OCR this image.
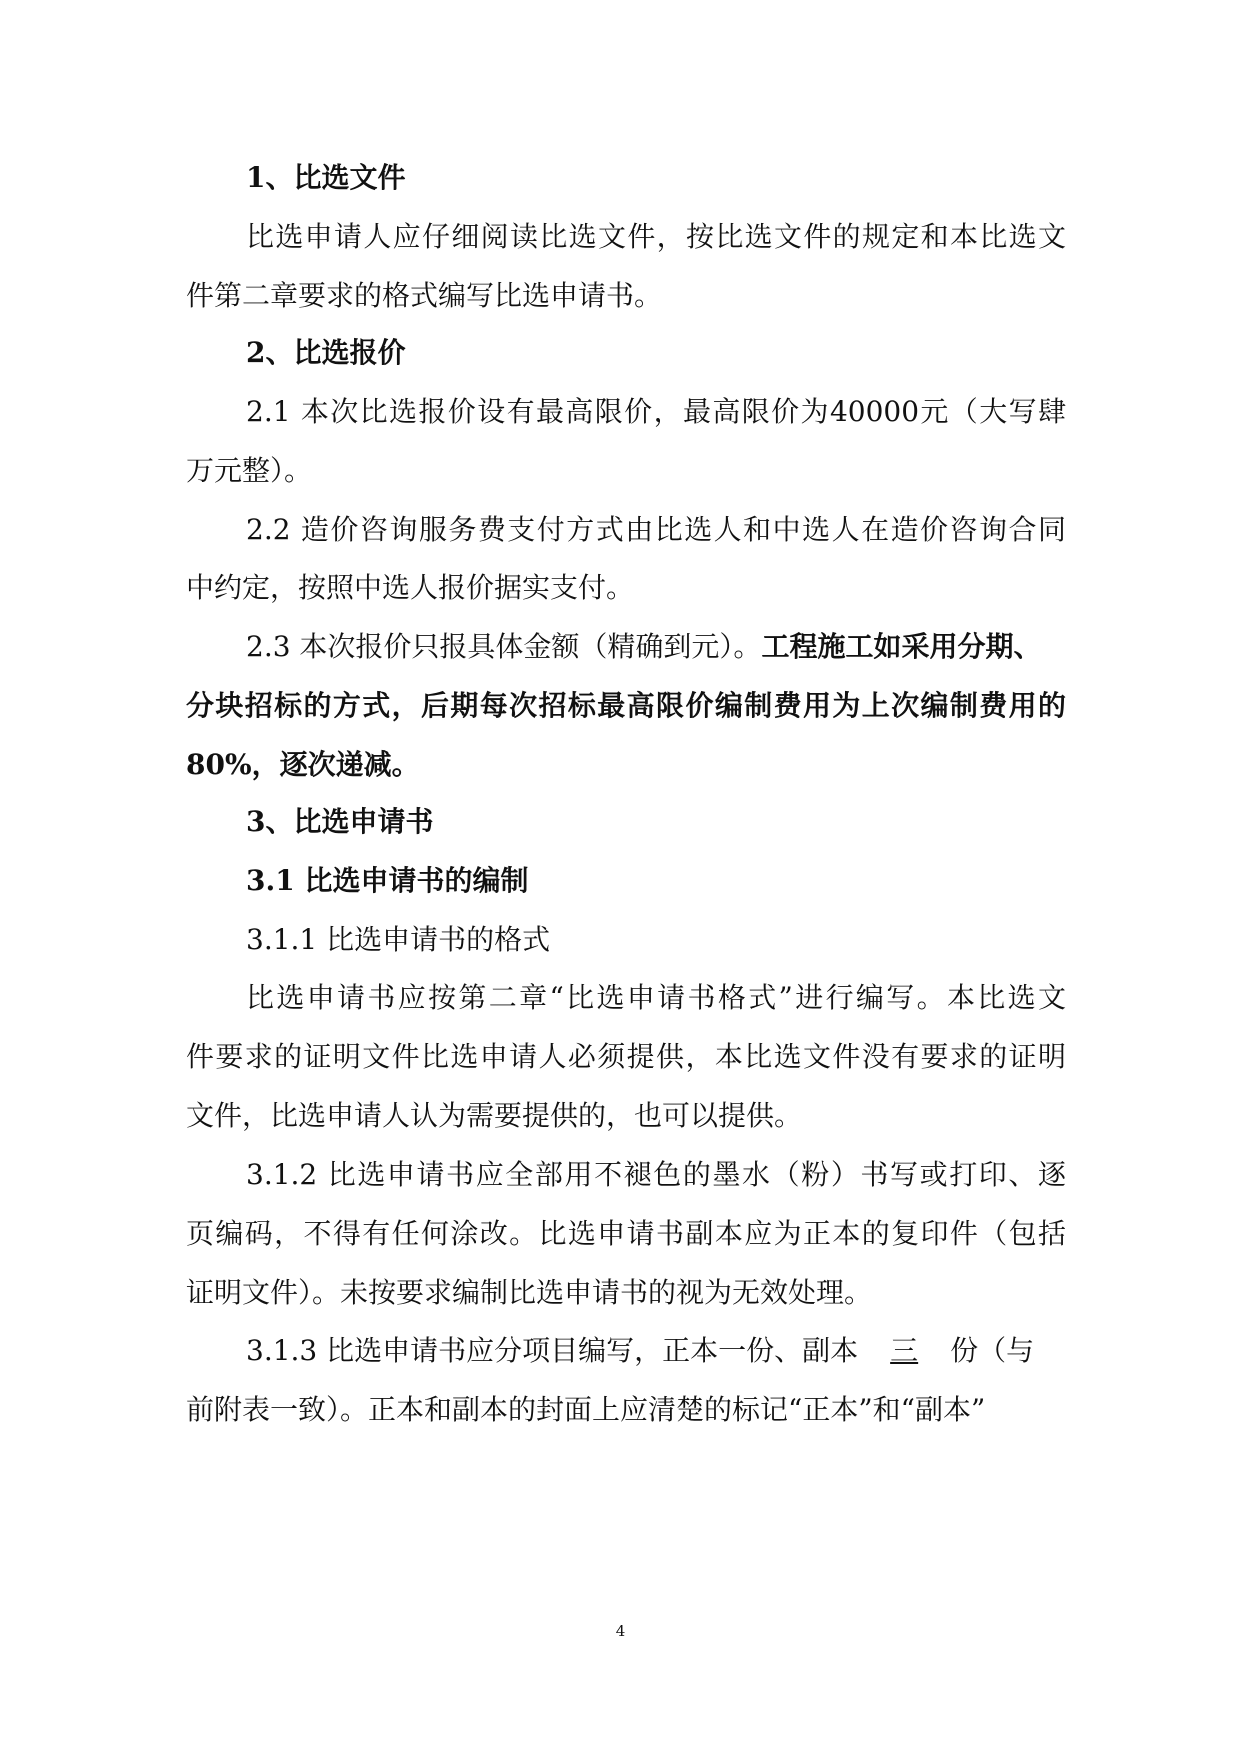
1、比选文件
比选申请人应仔细阅读比选文件，按比选文件的规定和本比选文
件第二章要求的格式编写比选申请书。
2、比选报价
2.1 本次比选报价设有最高限价，最高限价为40000元（大写肆
万元整）。
2.2 造价咨询服务费支付方式由比选人和中选人在造价咨询合同
中约定，按照中选人报价据实支付。
2.3 本次报价只报具体金额（精确到元）。工程施工如采用分期、
分块招标的方式，后期每次招标最高限价编制费用为上次编制费用的
80%，逐次递减。
3、比选申请书
3.1 比选申请书的编制
3.1.1 比选申请书的格式
比选申请书应按第二章“比选申请书格式”进行编写。本比选文
件要求的证明文件比选申请人必须提供，本比选文件没有要求的证明
文件，比选申请人认为需要提供的，也可以提供。
3.1.2 比选申请书应全部用不褪色的墨水（粉）书写或打印、逐
页编码，不得有任何涂改。比选申请书副本应为正本的复印件（包括
证明文件）。未按要求编制比选申请书的视为无效处理。
3.1.3 比选申请书应分项目编写，正本一份、副本 三 份（与
前附表一致）。正本和副本的封面上应清楚的标记“正本”和“副本”
4
